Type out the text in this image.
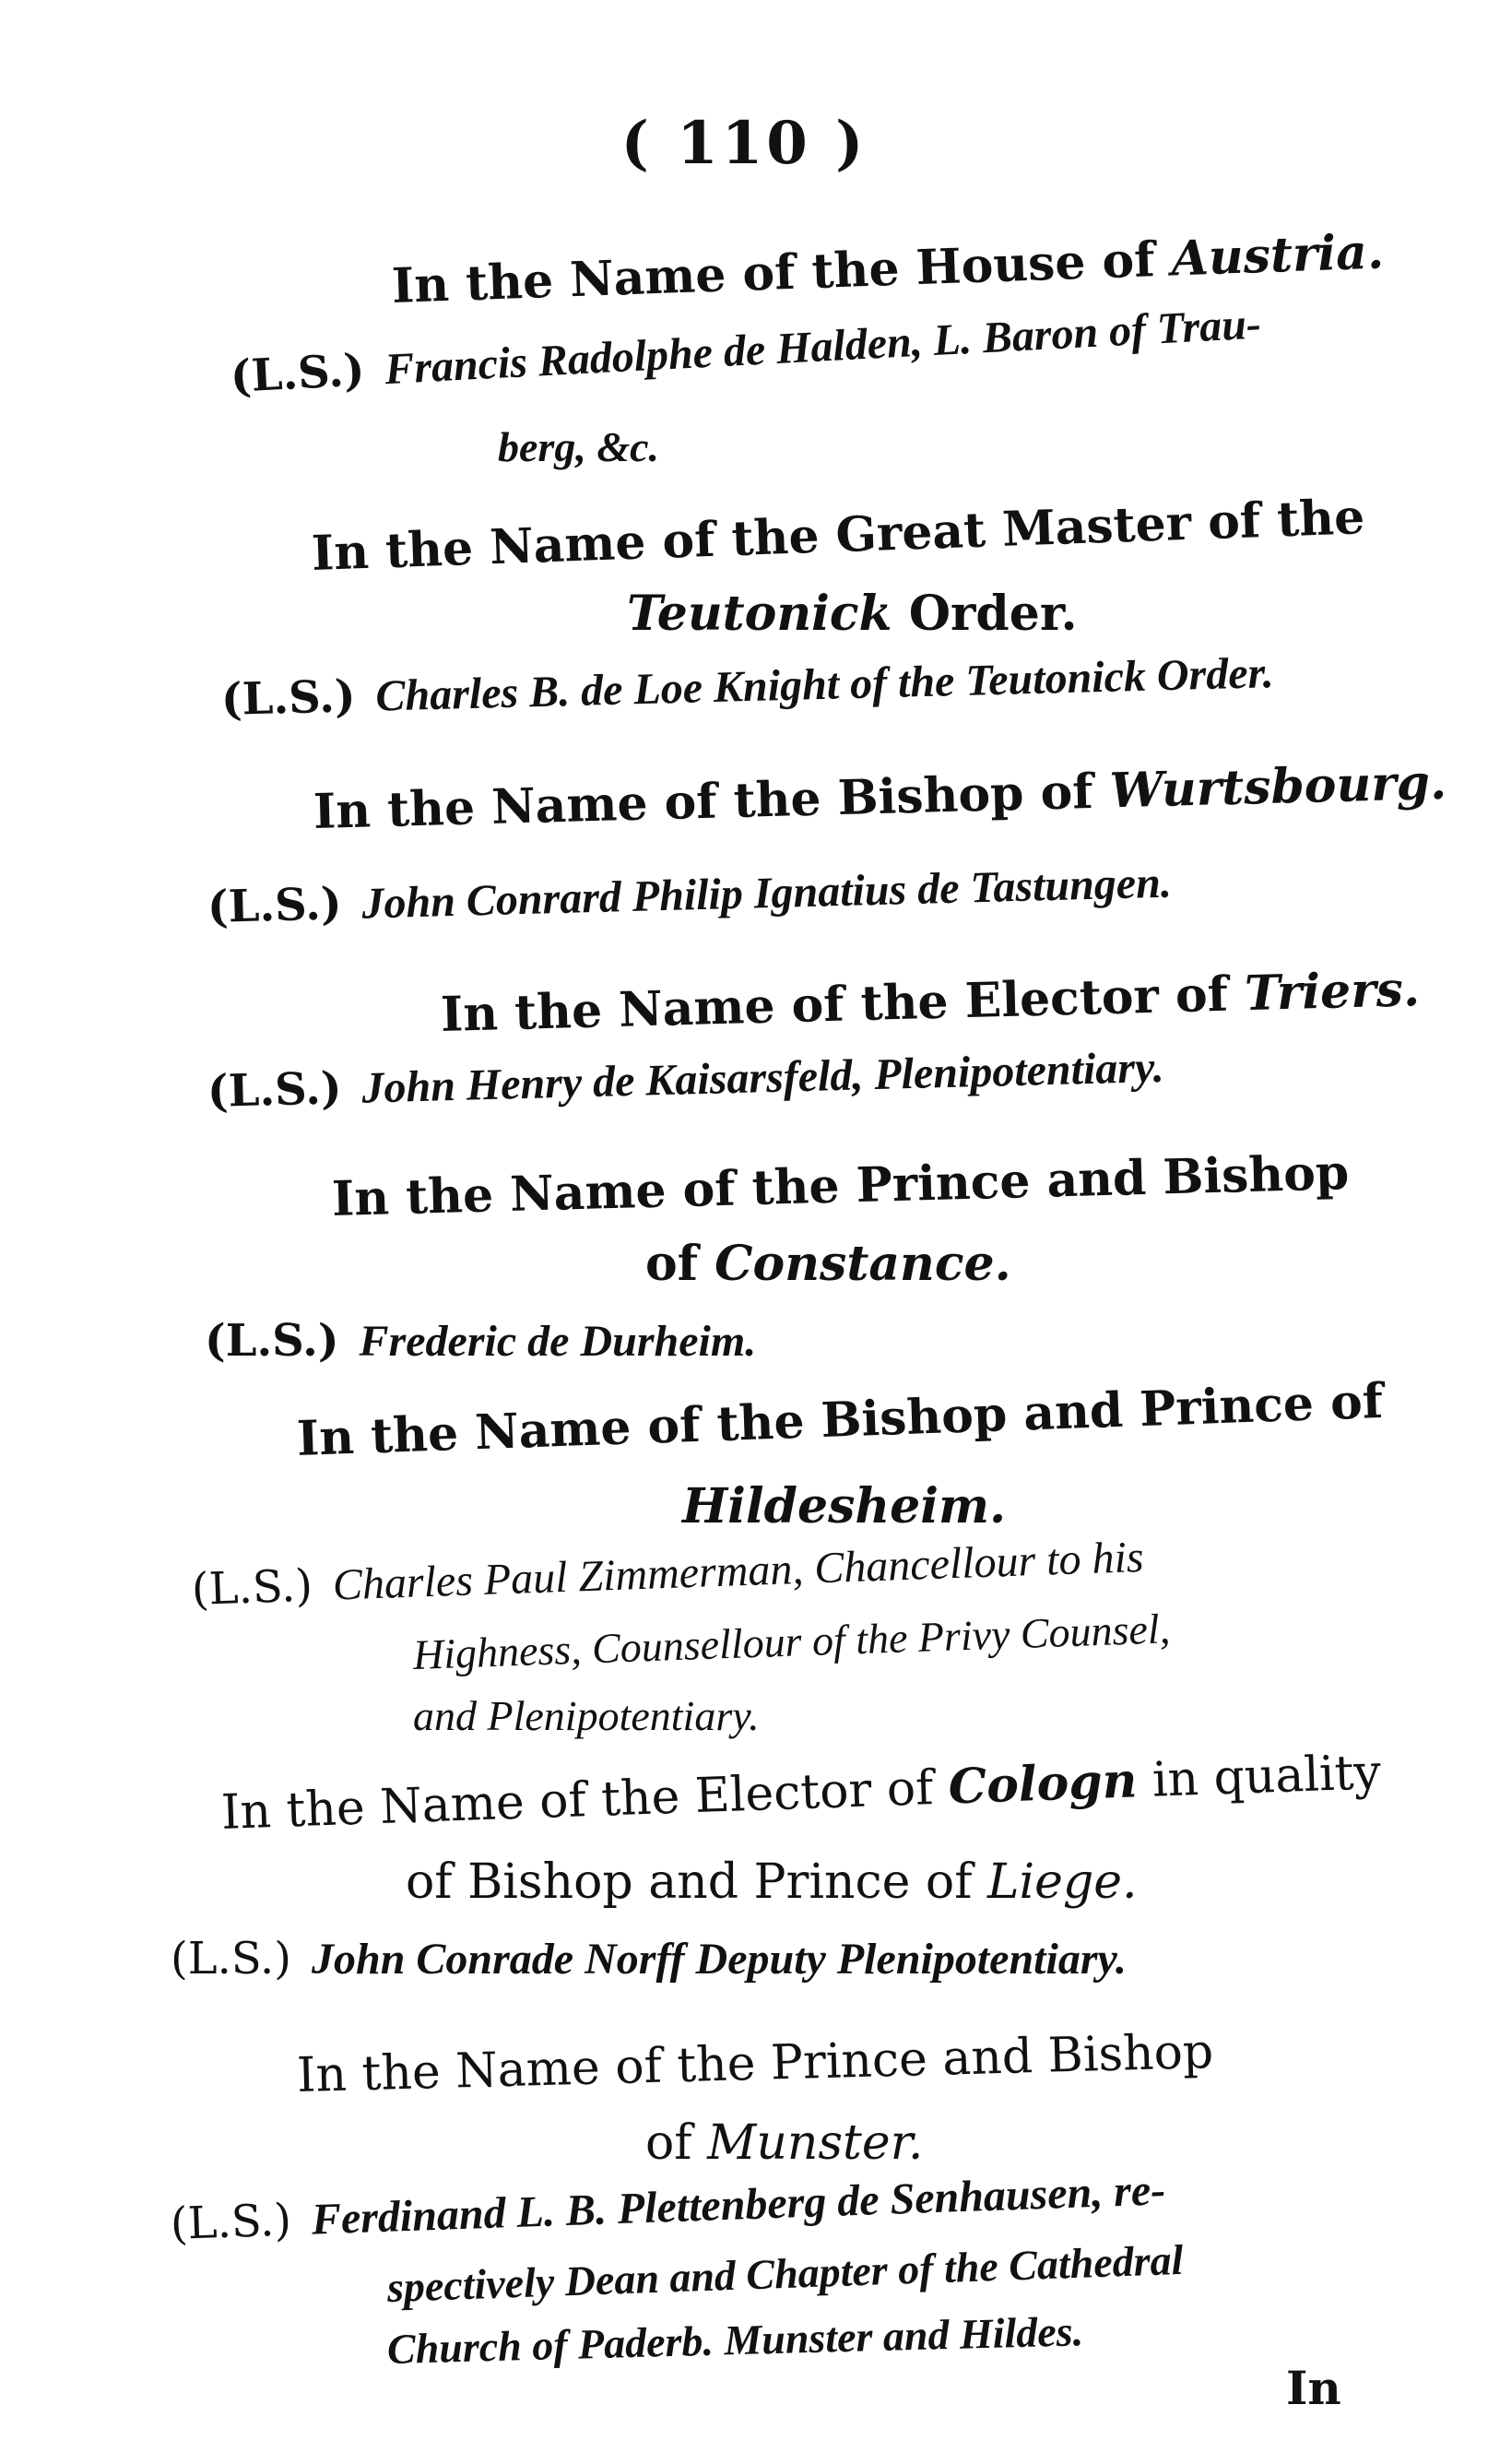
( 110 )
In the Name of the House of Austria.
(L.S.) Francis Radolphe de Halden, L. Baron of Trau-
berg, &c.
In the Name of the Great Master of the
Teutonick Order.
(L.S.) Charles B. de Loe Knight of the Teutonick Order.
In the Name of the Bishop of Wurtsbourg.
(L.S.) John Conrard Philip Ignatius de Tastungen.
In the Name of the Elector of Triers.
(L.S.) John Henry de Kaisarsfeld, Plenipotentiary.
In the Name of the Prince and Bishop
of Constance.
(L.S.) Frederic de Durheim.
In the Name of the Bishop and Prince of
Hildesheim.
(L.S.) Charles Paul Zimmerman, Chancellour to his
Highness, Counsellour of the Privy Counsel,
and Plenipotentiary.
In the Name of the Elector of Cologn in quality
of Bishop and Prince of Liege.
(L.S.) John Conrade Norff Deputy Plenipotentiary.
In the Name of the Prince and Bishop
of Munster.
(L.S.) Ferdinand L. B. Plettenberg de Senhausen, re-
spectively Dean and Chapter of the Cathedral
Church of Paderb. Munster and Hildes.
In
